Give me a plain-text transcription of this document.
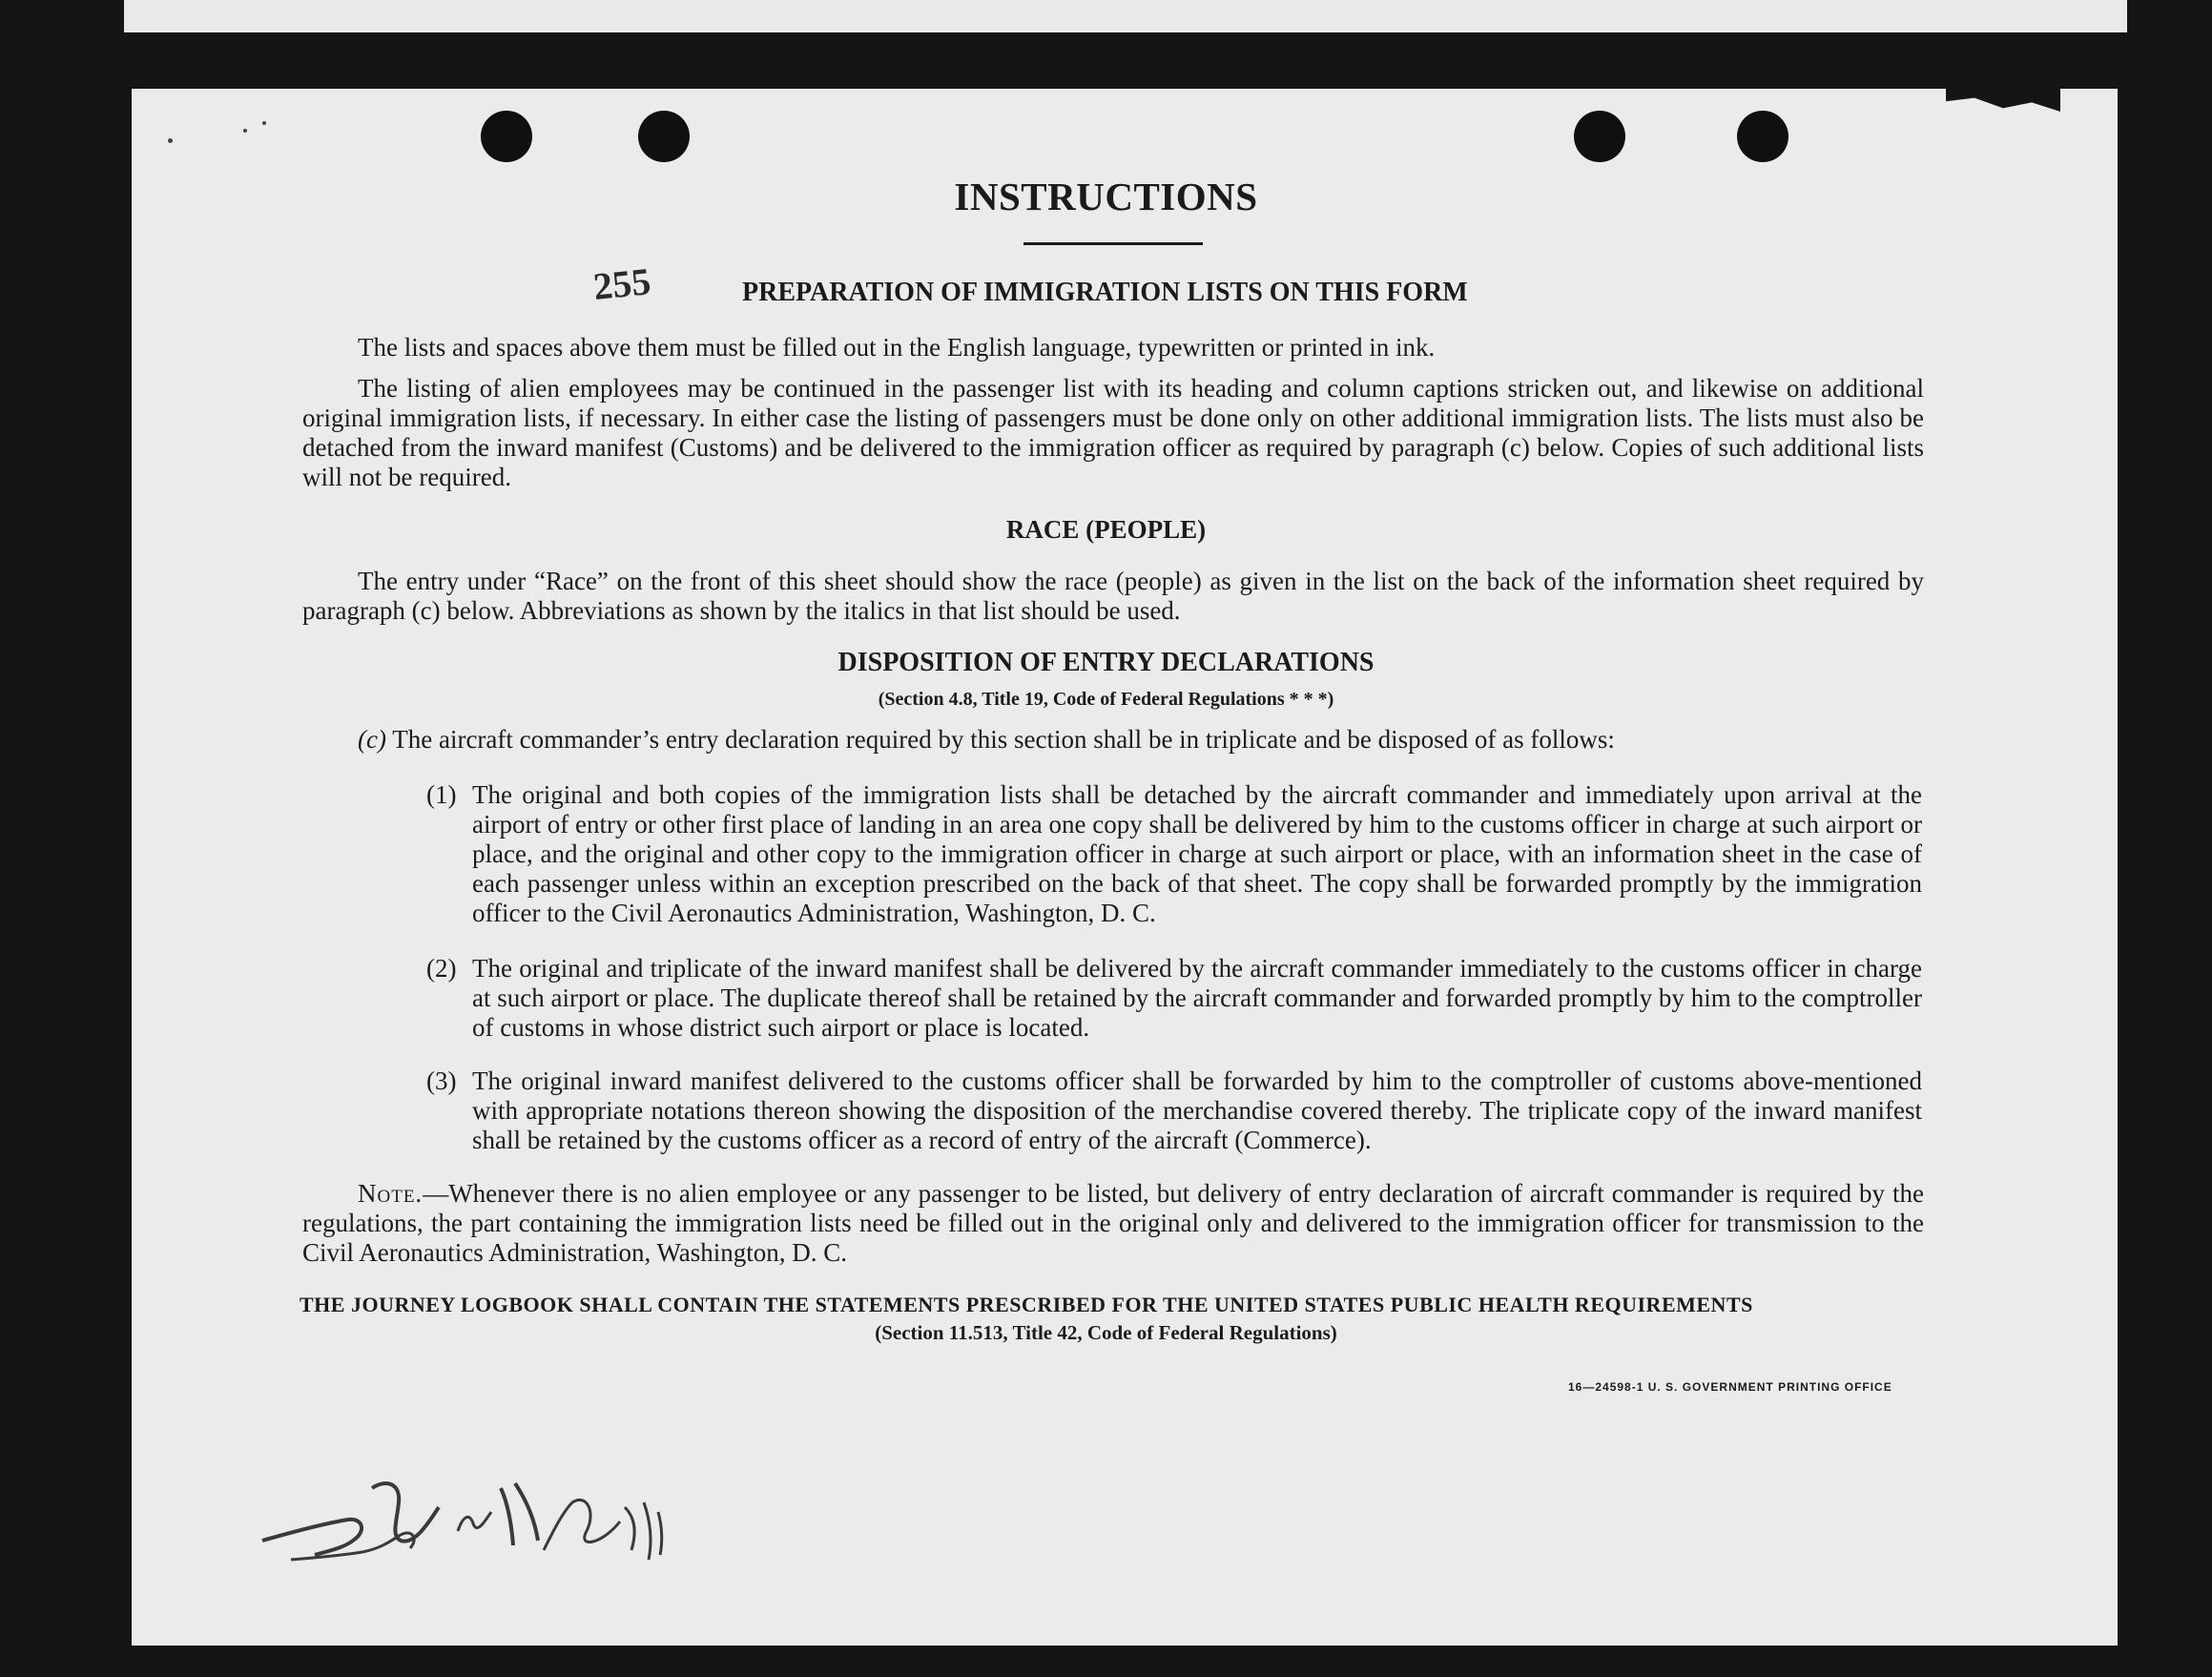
INSTRUCTIONS
255	PREPARATION OF IMMIGRATION LISTS ON THIS FORM

The lists and spaces above them must be filled out in the English language, typewritten or printed in ink.

The listing of alien employees may be continued in the passenger list with its heading and column captions stricken out, and likewise on additional original immigration lists, if necessary. In either case the listing of passengers must be done only on other additional immigration lists. The lists must also be detached from the inward manifest (Customs) and be delivered to the immigration officer as required by paragraph (c) below. Copies of such additional lists will not be required.

RACE (PEOPLE)

The entry under “Race” on the front of this sheet should show the race (people) as given in the list on the back of the information sheet required by paragraph (c) below. Abbreviations as shown by the italics in that list should be used.

DISPOSITION OF ENTRY DECLARATIONS
(Section 4.8, Title 19, Code of Federal Regulations * * *)
(c) The aircraft commander’s entry declaration required by this section shall be in triplicate and be disposed of as follows:
(1) The original and both copies of the immigration lists shall be detached by the aircraft commander and immediately upon arrival at the airport of entry or other first place of landing in an area one copy shall be delivered by him to the customs officer in charge at such airport or place, and the original and other copy to the immigration officer in charge at such airport or place, with an information sheet in the case of each passenger unless within an exception prescribed on the back of that sheet. The copy shall be forwarded promptly by the immigration officer to the Civil Aeronautics Administration, Washington, D. C.
(2) The original and triplicate of the inward manifest shall be delivered by the aircraft commander immediately to the customs officer in charge at such airport or place. The duplicate thereof shall be retained by the aircraft commander and forwarded promptly by him to the comptroller of customs in whose district such airport or place is located.
(3) The original inward manifest delivered to the customs officer shall be forwarded by him to the comptroller of customs above-mentioned with appropriate notations thereon showing the disposition of the merchandise covered thereby. The triplicate copy of the inward manifest shall be retained by the customs officer as a record of entry of the aircraft (Commerce).

Note.—Whenever there is no alien employee or any passenger to be listed, but delivery of entry declaration of aircraft commander is required by the regulations, the part containing the immigration lists need be filled out in the original only and delivered to the immigration officer for transmission to the Civil Aeronautics Administration, Washington, D. C.

THE JOURNEY LOGBOOK SHALL CONTAIN THE STATEMENTS PRESCRIBED FOR THE UNITED STATES PUBLIC HEALTH REQUIREMENTS
(Section 11.513, Title 42, Code of Federal Regulations)
16—24598-1 U. S. GOVERNMENT PRINTING OFFICE
